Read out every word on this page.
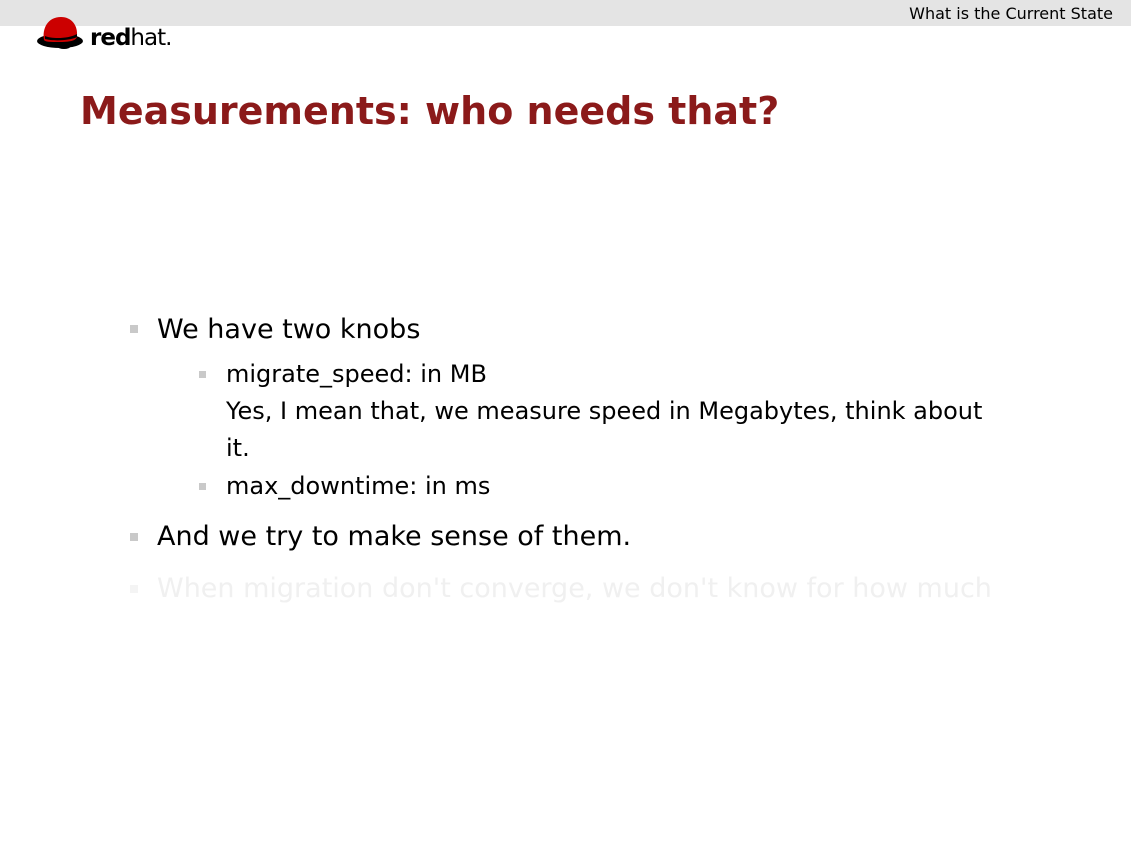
What is the Current State
redhat.
Measurements: who needs that?
We have two knobs
migrate_speed: in MB
Yes, I mean that, we measure speed in Megabytes, think about
it.
max_downtime: in ms
And we try to make sense of them.
When migration don't converge, we don't know for how much
